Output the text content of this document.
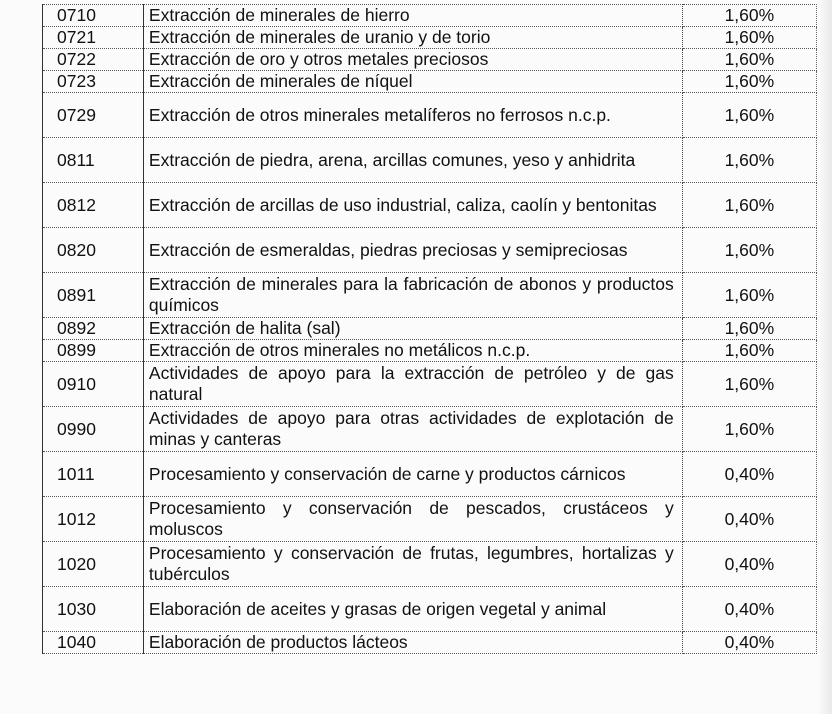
0710	Extracción de minerales de hierro	1,60%
0721	Extracción de minerales de uranio y de torio	1,60%
0722	Extracción de oro y otros metales preciosos	1,60%
0723	Extracción de minerales de níquel	1,60%
0729	Extracción de otros minerales metalíferos no ferrosos n.c.p.	1,60%
0811	Extracción de piedra, arena, arcillas comunes, yeso y anhidrita	1,60%
0812	Extracción de arcillas de uso industrial, caliza, caolín y bentonitas	1,60%
0820	Extracción de esmeraldas, piedras preciosas y semipreciosas	1,60%
0891	Extracción de minerales para la fabricación de abonos y productos químicos	1,60%
0892	Extracción de halita (sal)	1,60%
0899	Extracción de otros minerales no metálicos n.c.p.	1,60%
0910	Actividades de apoyo para la extracción de petróleo y de gas natural	1,60%
0990	Actividades de apoyo para otras actividades de explotación de minas y canteras	1,60%
1011	Procesamiento y conservación de carne y productos cárnicos	0,40%
1012	Procesamiento y conservación de pescados, crustáceos y moluscos	0,40%
1020	Procesamiento y conservación de frutas, legumbres, hortalizas y tubérculos	0,40%
1030	Elaboración de aceites y grasas de origen vegetal y animal	0,40%
1040	Elaboración de productos lácteos	0,40%
